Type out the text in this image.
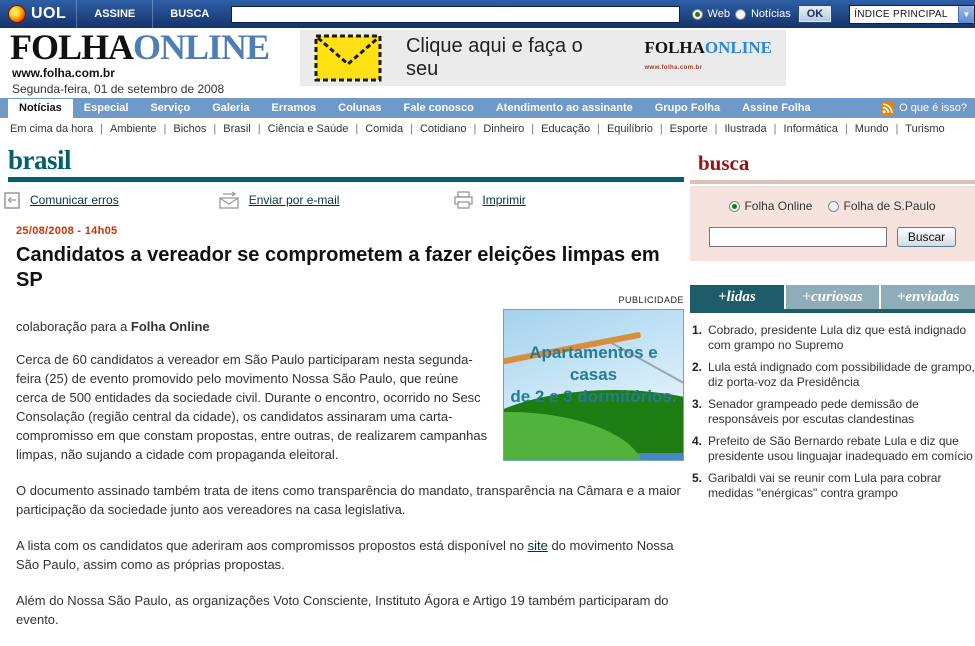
UOL	ASSINE	BUSCA	Web Notícias	OK	ÍNDICE PRINCIPAL	▼
FOLHAONLINE
www.folha.com.br
Segunda-feira, 01 de setembro de 2008
Clique aqui e faça o seu
FOLHAONLINE
www.folha.com.br
Notícias	Especial	Serviço	Galeria	Erramos	Colunas	Fale conosco	Atendimento ao assinante	Grupo Folha	Assine Folha	O que é isso?
Em cima da hora | Ambiente | Bichos | Brasil | Ciência e Saúde | Comida | Cotidiano | Dinheiro | Educação | Equilíbrio | Esporte | Ilustrada | Informática | Mundo | Turismo
brasil
Comunicar erros	Enviar por e-mail	Imprimir
25/08/2008 - 14h05
Candidatos a vereador se comprometem a fazer eleições limpas em SP
PUBLICIDADE
Apartamentos e casas
de 2 e 3 dormitórios.

colaboração para a Folha Online

Cerca de 60 candidatos a vereador em São Paulo participaram nesta segunda-feira (25) de evento promovido pelo movimento Nossa São Paulo, que reúne cerca de 500 entidades da sociedade civil. Durante o encontro, ocorrido no Sesc Consolação (região central da cidade), os candidatos assinaram uma carta-compromisso em que constam propostas, entre outras, de realizarem campanhas limpas, não sujando a cidade com propaganda eleitoral.

O documento assinado também trata de itens como transparência do mandato, transparência na Câmara e a maior participação da sociedade junto aos vereadores na casa legislativa.

A lista com os candidatos que aderiram aos compromissos propostos está disponível no site do movimento Nossa São Paulo, assim como as próprias propostas.

Além do Nossa São Paulo, as organizações Voto Consciente, Instituto Ágora e Artigo 19 também participaram do evento.

busca
Folha Online	Folha de S.Paulo
Buscar
+lidas	+curiosas	+enviadas
1. Cobrado, presidente Lula diz que está indignado com grampo no Supremo
2. Lula está indignado com possibilidade de grampo, diz porta-voz da Presidência
3. Senador grampeado pede demissão de responsáveis por escutas clandestinas
4. Prefeito de São Bernardo rebate Lula e diz que presidente usou linguajar inadequado em comício
5. Garibaldi vai se reunir com Lula para cobrar medidas "enérgicas" contra grampo
